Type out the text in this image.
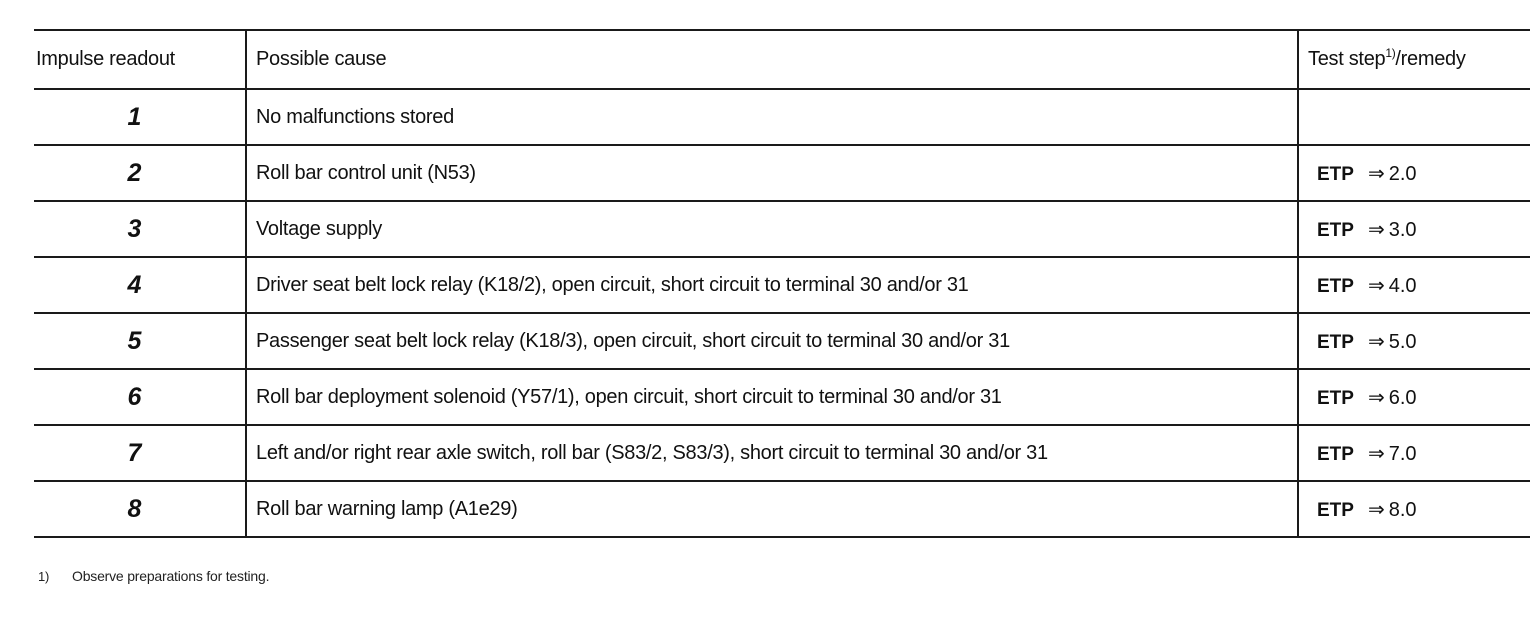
Impulse readout	Possible cause	Test step$^{1)}$/remedy
1	No malfunctions stored	
2	Roll bar control unit (N53)	ETP ⇒ 2.0
3	Voltage supply	ETP ⇒ 3.0
4	Driver seat belt lock relay (K18/2), open circuit, short circuit to terminal 30 and/or 31	ETP ⇒ 4.0
5	Passenger seat belt lock relay (K18/3), open circuit, short circuit to terminal 30 and/or 31	ETP ⇒ 5.0
6	Roll bar deployment solenoid (Y57/1), open circuit, short circuit to terminal 30 and/or 31	ETP ⇒ 6.0
7	Left and/or right rear axle switch, roll bar (S83/2, S83/3), short circuit to terminal 30 and/or 31	ETP ⇒ 7.0
8	Roll bar warning lamp (A1e29)	ETP ⇒ 8.0
1) Observe preparations for testing.
